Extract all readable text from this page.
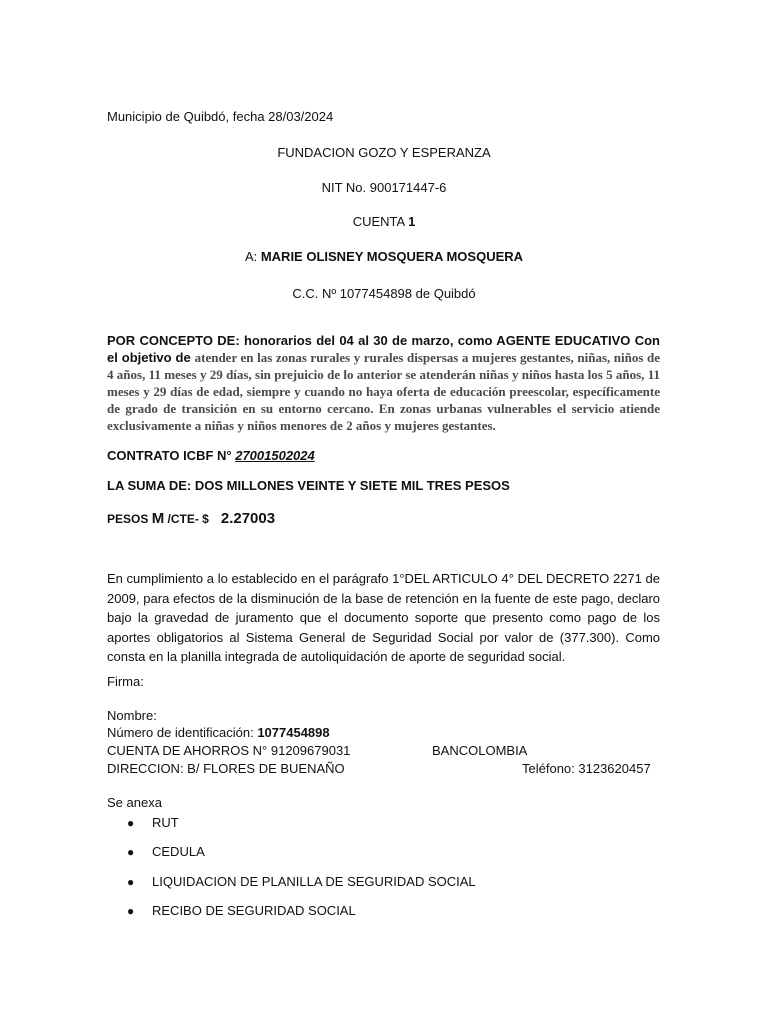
Municipio de Quibdó, fecha 28/03/2024
FUNDACION GOZO Y ESPERANZA
NIT No. 900171447-6
CUENTA 1
A: MARIE OLISNEY MOSQUERA MOSQUERA
C.C. Nº 1077454898 de Quibdó
POR CONCEPTO DE: honorarios del 04 al 30 de marzo, como AGENTE EDUCATIVO Con el objetivo de atender en las zonas rurales y rurales dispersas a mujeres gestantes, niñas, niños de 4 años, 11 meses y 29 días, sin prejuicio de lo anterior se atenderán niñas y niños hasta los 5 años, 11 meses y 29 días de edad, siempre y cuando no haya oferta de educación preescolar, específicamente de grado de transición en su entorno cercano. En zonas urbanas vulnerables el servicio atiende exclusivamente a niñas y niños menores de 2 años y mujeres gestantes.
CONTRATO ICBF N° 27001502024
LA SUMA DE: DOS MILLONES VEINTE Y SIETE MIL TRES PESOS
PESOS M /CTE- $ 2.27003
En cumplimiento a lo establecido en el parágrafo 1°DEL ARTICULO 4° DEL DECRETO 2271 de 2009, para efectos de la disminución de la base de retención en la fuente de este pago, declaro bajo la gravedad de juramento que el documento soporte que presento como pago de los aportes obligatorios al Sistema General de Seguridad Social por valor de (377.300). Como consta en la planilla integrada de autoliquidación de aporte de seguridad social.
Firma:
Nombre:
Número de identificación: 1077454898
CUENTA DE AHORROS N° 91209679031	BANCOLOMBIA
DIRECCION: B/ FLORES DE BUENAÑO	Teléfono: 3123620457
Se anexa
● RUT
● CEDULA
● LIQUIDACION DE PLANILLA DE SEGURIDAD SOCIAL
● RECIBO DE SEGURIDAD SOCIAL
